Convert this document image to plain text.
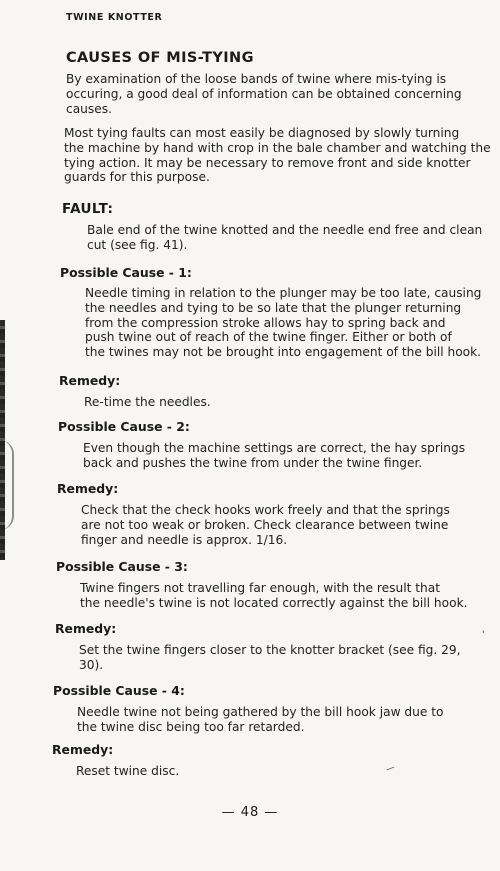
TWINE KNOTTER
CAUSES OF MIS-TYING
By examination of the loose bands of twine where mis-tying is
occuring, a good deal of information can be obtained concerning
causes.
Most tying faults can most easily be diagnosed by slowly turning
the machine by hand with crop in the bale chamber and watching the
tying action. It may be necessary to remove front and side knotter
guards for this purpose.
FAULT:
Bale end of the twine knotted and the needle end free and clean
cut (see fig. 41).
Possible Cause - 1:
Needle timing in relation to the plunger may be too late, causing
the needles and tying to be so late that the plunger returning
from the compression stroke allows hay to spring back and
push twine out of reach of the twine finger. Either or both of
the twines may not be brought into engagement of the bill hook.
Remedy:
Re-time the needles.
Possible Cause - 2:
Even though the machine settings are correct, the hay springs
back and pushes the twine from under the twine finger.
Remedy:
Check that the check hooks work freely and that the springs
are not too weak or broken. Check clearance between twine
finger and needle is approx. 1/16.
Possible Cause - 3:
Twine fingers not travelling far enough, with the result that
the needle's twine is not located correctly against the bill hook.
Remedy:
Set the twine fingers closer to the knotter bracket (see fig. 29,
30).
Possible Cause - 4:
Needle twine not being gathered by the bill hook jaw due to
the twine disc being too far retarded.
Remedy:
Reset twine disc.
'
—
— 48 —
